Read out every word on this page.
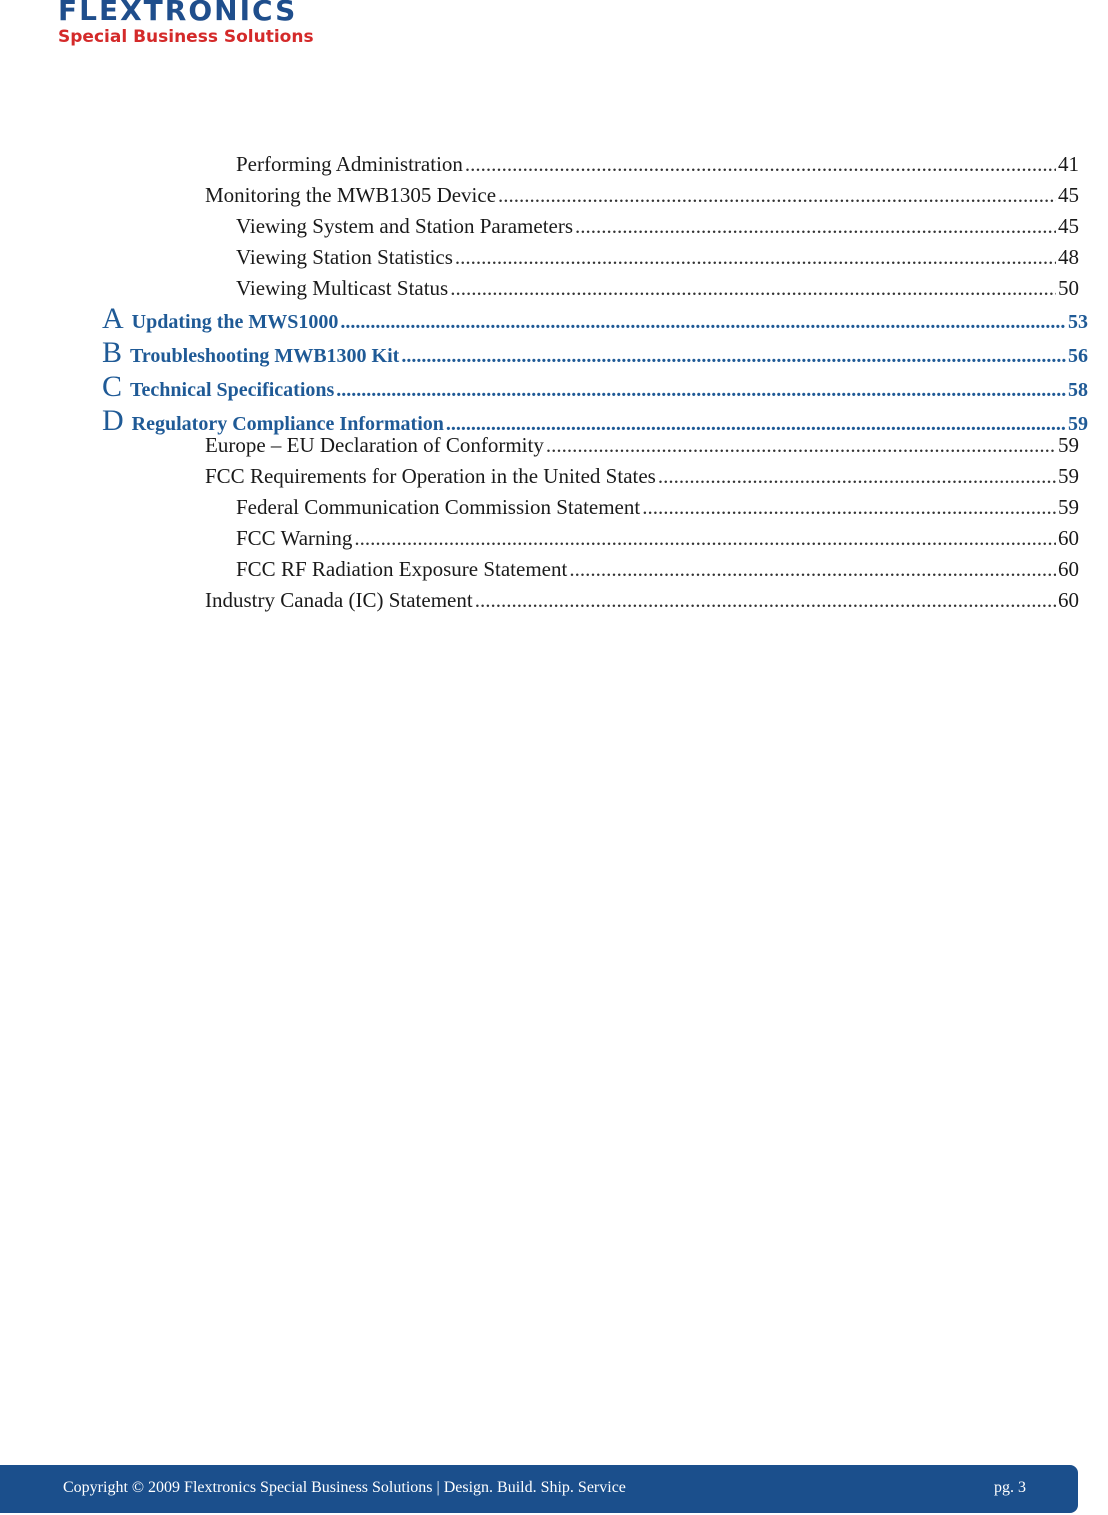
FLEXTRONICS
Special Business Solutions
Performing Administration .....	41
Monitoring the MWB1305 Device .....	45
Viewing System and Station Parameters .....	45
Viewing Station Statistics .....	48
Viewing Multicast Status .....	50
A Updating the MWS1000 .....	53
B Troubleshooting MWB1300 Kit .....	56
C Technical Specifications .....	58
D Regulatory Compliance Information .....	59
Europe – EU Declaration of Conformity .....	59
FCC Requirements for Operation in the United States .....	59
Federal Communication Commission Statement .....	59
FCC Warning .....	60
FCC RF Radiation Exposure Statement .....	60
Industry Canada (IC) Statement .....	60
Copyright © 2009 Flextronics Special Business Solutions | Design. Build. Ship. Service	pg. 3
